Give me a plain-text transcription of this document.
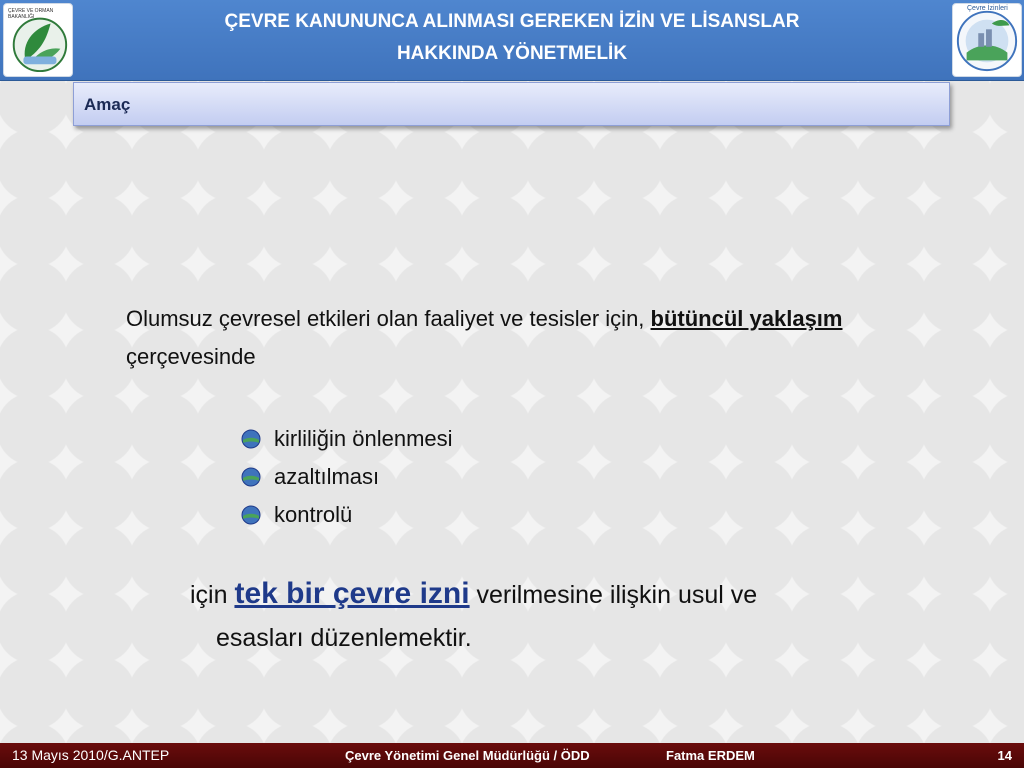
ÇEVRE VE ORMAN BAKANLIĞI	ÇEVRE KANUNUNCA ALINMASI GEREKEN İZİN VE LİSANSLAR
HAKKINDA YÖNETMELİK
Çevre İzinleri
Amaç
Olumsuz çevresel etkileri olan faaliyet ve tesisler için, bütüncül yaklaşım çerçevesinde
kirliliğin önlenmesi
azaltılması
kontrolü
için tek bir çevre izni verilmesine ilişkin usul ve
esasları düzenlemektir.
13 Mayıs 2010/G.ANTEP	Çevre Yönetimi Genel Müdürlüğü / ÖDD	Fatma ERDEM	14
